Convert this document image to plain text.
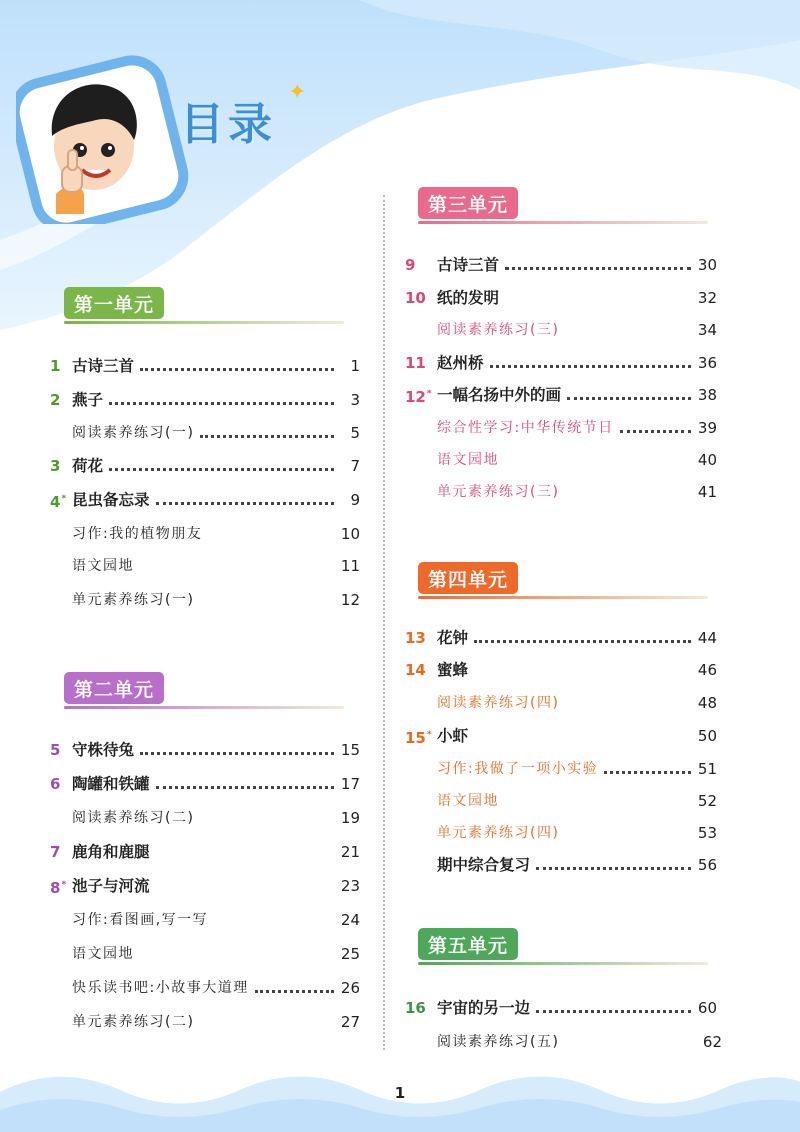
目录
✦
第一单元
1 古诗三首	1
2 燕子	3
阅读素养练习(一)	5
3 荷花	7
4* 昆虫备忘录	9
习作:我的植物朋友	10
语文园地	11
单元素养练习(一)	12
第二单元
5 守株待兔	15
6 陶罐和铁罐	17
阅读素养练习(二)	19
7 鹿角和鹿腿	21
8* 池子与河流	23
习作:看图画,写一写	24
语文园地	25
快乐读书吧:小故事大道理	26
单元素养练习(二)	27
第三单元
9	古诗三首	30
10 纸的发明	32
阅读素养练习(三)	34
11 赵州桥	36
12* 一幅名扬中外的画	38
综合性学习:中华传统节日	39
语文园地	40
单元素养练习(三)	41
第四单元
13 花钟	44
14 蜜蜂	46
阅读素养练习(四)	48
15* 小虾	50
习作:我做了一项小实验	51
语文园地	52
单元素养练习(四)	53
期中综合复习	56
第五单元
16 宇宙的另一边	60
阅读素养练习(五)	62
1
